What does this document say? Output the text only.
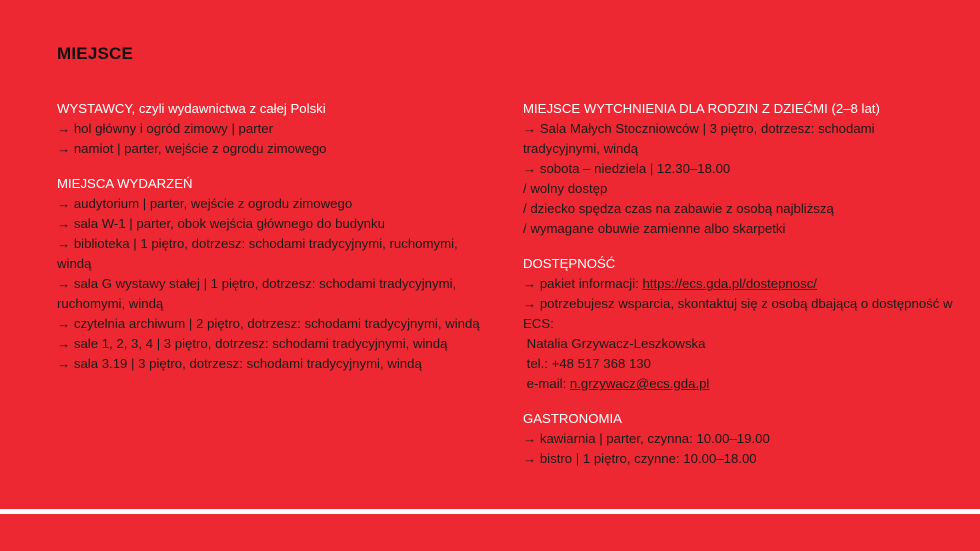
MIEJSCE
WYSTAWCY, czyli wydawnictwa z całej Polski
→ hol główny i ogród zimowy | parter
→ namiot | parter, wejście z ogrodu zimowego
MIEJSCA WYDARZEŃ
→ audytorium | parter, wejście z ogrodu zimowego
→ sala W-1 | parter, obok wejścia głównego do budynku
→ biblioteka | 1 piętro, dotrzesz: schodami tradycyjnymi, ruchomymi, windą
→ sala G wystawy stałej | 1 piętro, dotrzesz: schodami tradycyjnymi, ruchomymi, windą
→ czytelnia archiwum | 2 piętro, dotrzesz: schodami tradycyjnymi, windą
→ sale 1, 2, 3, 4 | 3 piętro, dotrzesz: schodami tradycyjnymi, windą
→ sala 3.19 | 3 piętro, dotrzesz: schodami tradycyjnymi, windą
MIEJSCE WYTCHNIENIA DLA RODZIN Z DZIEĆMI (2–8 lat)
→ Sala Małych Stoczniowców | 3 piętro, dotrzesz: schodami tradycyjnymi, windą
→ sobota – niedziela | 12.30–18.00
/ wolny dostęp
/ dziecko spędza czas na zabawie z osobą najbliższą
/ wymagane obuwie zamienne albo skarpetki
DOSTĘPNOŚĆ
→ pakiet informacji: https://ecs.gda.pl/dostepnosc/
→ potrzebujesz wsparcia, skontaktuj się z osobą dbającą o dostępność w ECS:
Natalia Grzywacz-Leszkowska
tel.: +48 517 368 130
e-mail: n.grzywacz@ecs.gda.pl
GASTRONOMIA
→ kawiarnia | parter, czynna: 10.00–19.00
→ bistro | 1 piętro, czynne: 10.00–18.00
